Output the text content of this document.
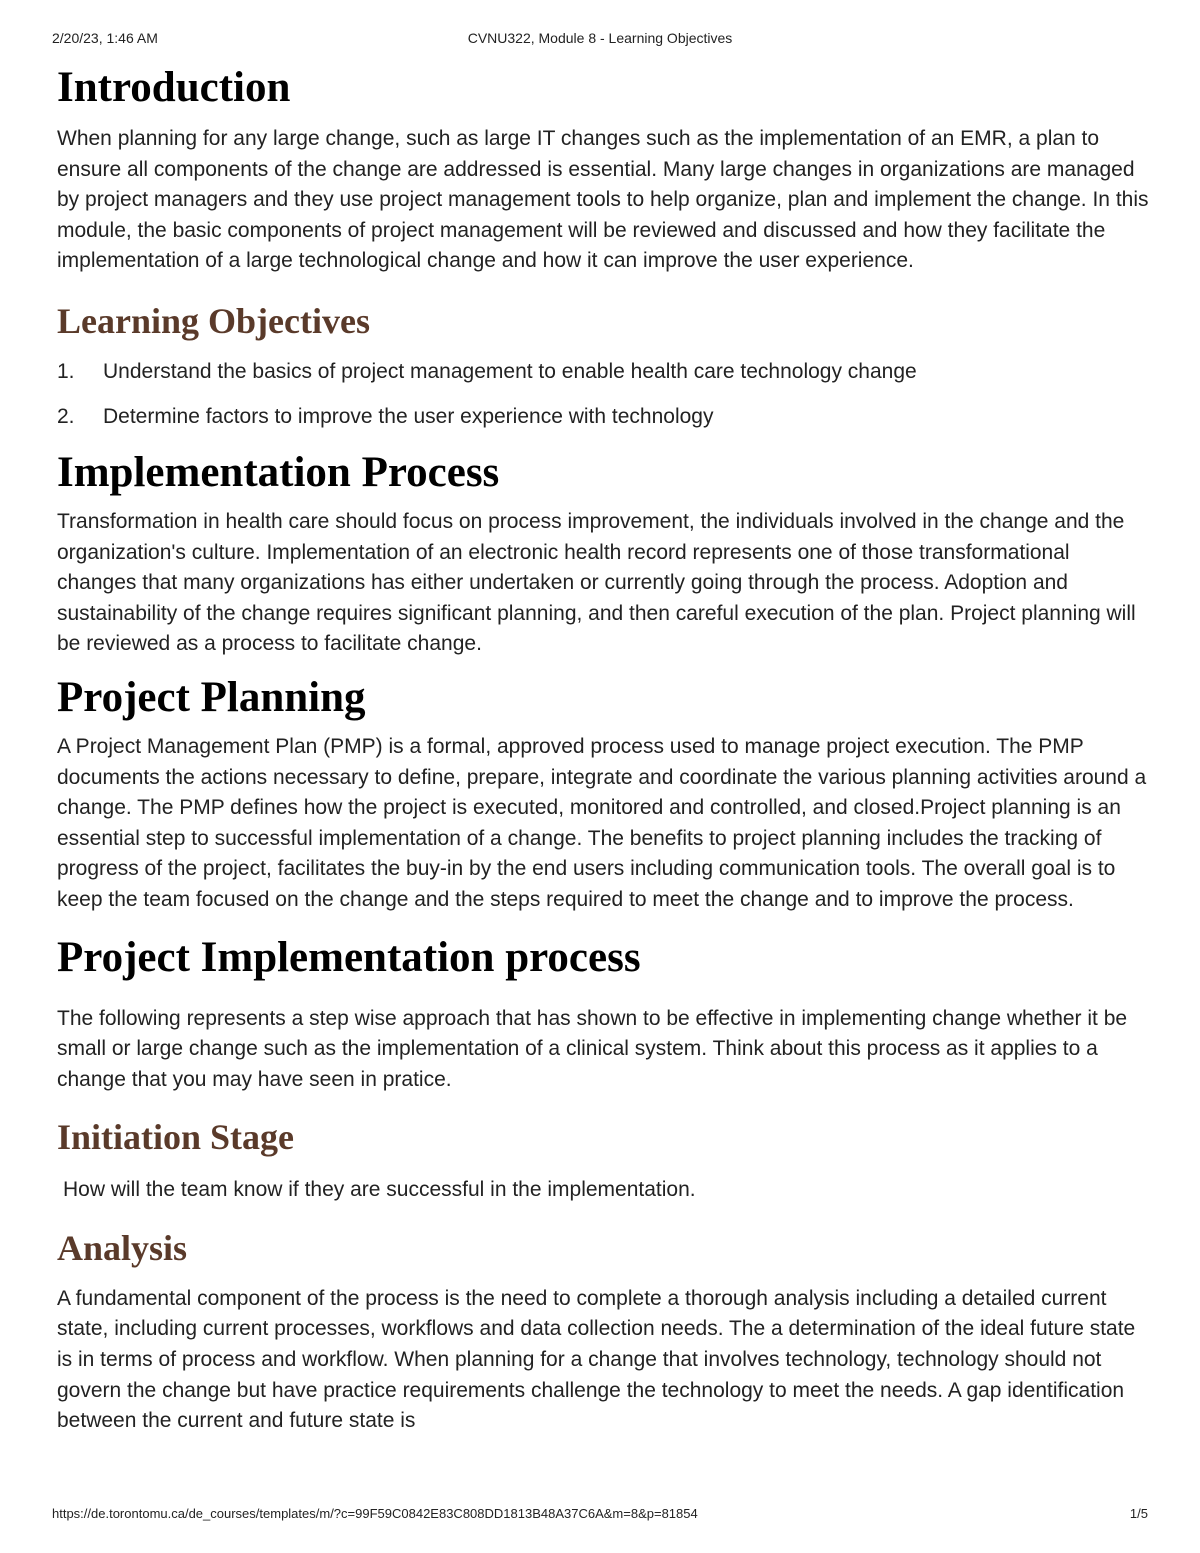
2/20/23, 1:46 AM	CVNU322, Module 8 - Learning Objectives
Introduction

When planning for any large change, such as large IT changes such as the implementation of an EMR, a plan to ensure all components of the change are addressed is essential. Many large changes in organizations are managed by project managers and they use project management tools to help organize, plan and implement the change. In this module, the basic components of project management will be reviewed and discussed and how they facilitate the implementation of a large technological change and how it can improve the user experience.

Learning Objectives
1.	Understand the basics of project management to enable health care technology change
2.	Determine factors to improve the user experience with technology
Implementation Process

Transformation in health care should focus on process improvement, the individuals involved in the change and the organization's culture. Implementation of an electronic health record represents one of those transformational changes that many organizations has either undertaken or currently going through the process. Adoption and sustainability of the change requires significant planning, and then careful execution of the plan. Project planning will be reviewed as a process to facilitate change.

Project Planning

A Project Management Plan (PMP) is a formal, approved process used to manage project execution. The PMP documents the actions necessary to define, prepare, integrate and coordinate the various planning activities around a change. The PMP defines how the project is executed, monitored and controlled, and closed.Project planning is an essential step to successful implementation of a change. The benefits to project planning includes the tracking of progress of the project, facilitates the buy-in by the end users including communication tools. The overall goal is to keep the team focused on the change and the steps required to meet the change and to improve the process.

Project Implementation process

The following represents a step wise approach that has shown to be effective in implementing change whether it be small or large change such as the implementation of a clinical system. Think about this process as it applies to a change that you may have seen in pratice.

Initiation Stage

How will the team know if they are successful in the implementation.

Analysis

A fundamental component of the process is the need to complete a thorough analysis including a detailed current state, including current processes, workflows and data collection needs. The a determination of the ideal future state is in terms of process and workflow. When planning for a change that involves technology, technology should not govern the change but have practice requirements challenge the technology to meet the needs. A gap identification between the current and future state is

https://de.torontomu.ca/de_courses/templates/m/?c=99F59C0842E83C808DD1813B48A37C6A&m=8&p=81854	1/5
